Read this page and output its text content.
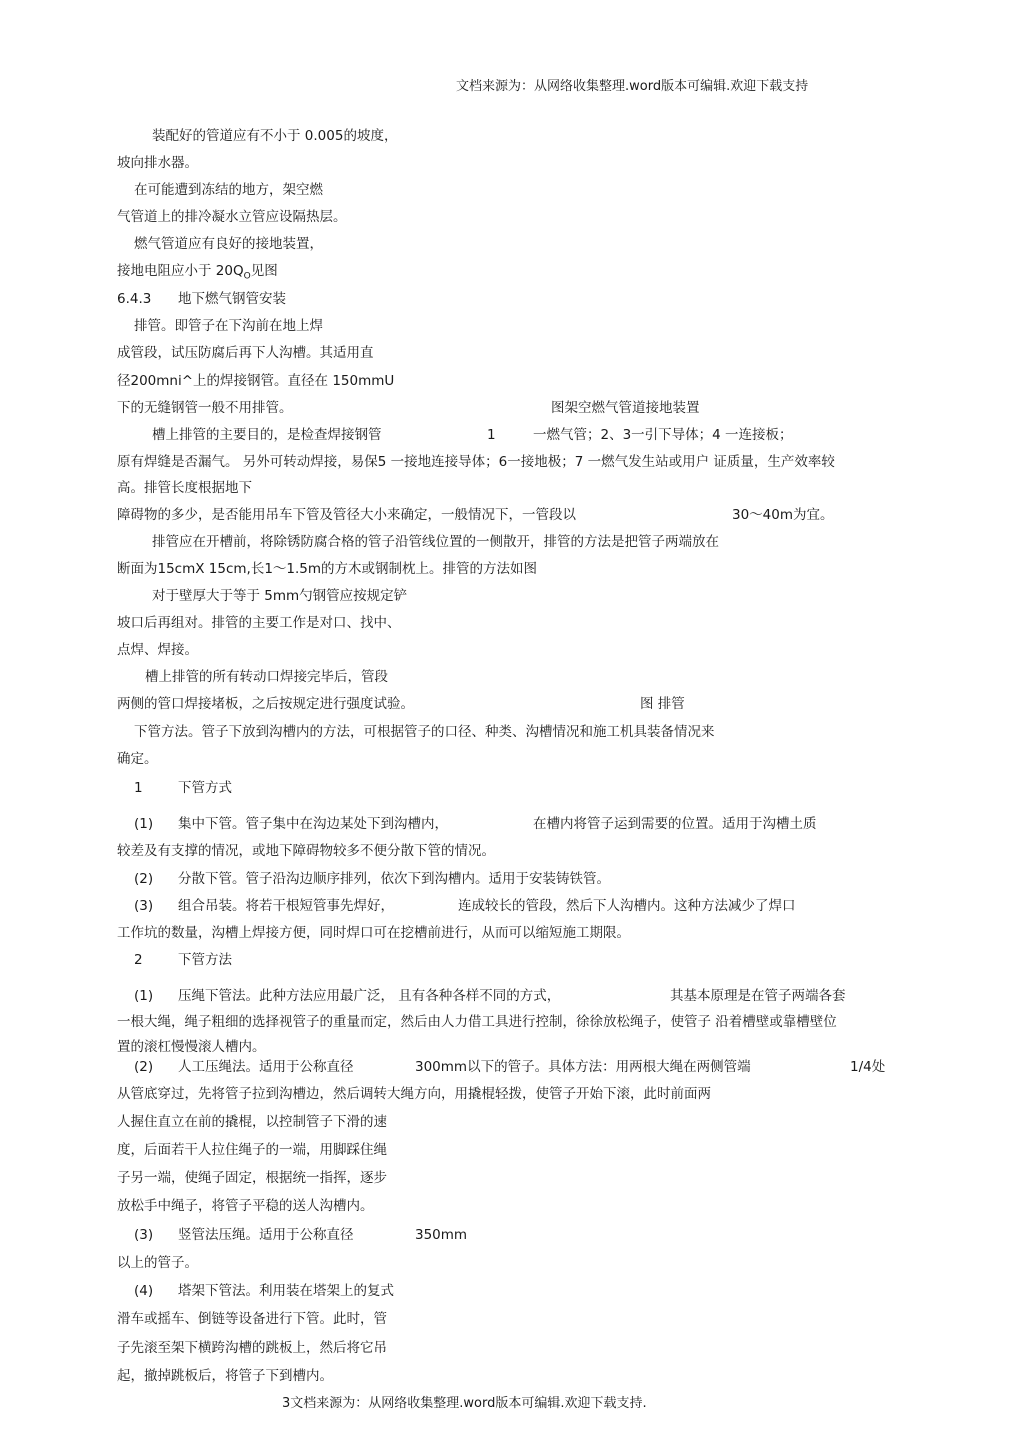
文档来源为：从网络收集整理.word版本可编辑.欢迎下载支持
装配好的管道应有不小于 0.005的坡度，
坡向排水器。
在可能遭到冻结的地方，架空燃
气管道上的排冷凝水立管应设隔热层。
燃气管道应有良好的接地装置，
接地电阻应小于 $20Q_O$见图
6.4.3 地下燃气钢管安装
排管。即管子在下沟前在地上焊
成管段，试压防腐后再下人沟槽。其适用直
径200mni^上的焊接钢管。直径在 150mmU
下的无缝钢管一般不用排管。	图架空燃气管道接地装置
槽上排管的主要目的，是检查焊接钢管	1	一燃气管；2、3一引下导体；4 一连接板；
原有焊缝是否漏气。 另外可转动焊接，易保5 一接地连接导体；6一接地极；7 一燃气发生站或用户 证质量，生产效率较
高。排管长度根据地下
障碍物的多少，是否能用吊车下管及管径大小来确定，一般情况下，一管段以	30～40m为宜。
排管应在开槽前，将除锈防腐合格的管子沿管线位置的一侧散开，排管的方法是把管子两端放在
断面为15cmX 15cm,长1～1.5m的方木或钢制枕上。排管的方法如图
对于壁厚大于等于 5mm勺钢管应按规定铲
坡口后再组对。排管的主要工作是对口、找中、
点焊、焊接。
槽上排管的所有转动口焊接完毕后，管段
两侧的管口焊接堵板，之后按规定进行强度试验。	图 排管
下管方法。管子下放到沟槽内的方法，可根据管子的口径、种类、沟槽情况和施工机具装备情况来
确定。
1	下管方式
(1) 集中下管。管子集中在沟边某处下到沟槽内，	在槽内将管子运到需要的位置。适用于沟槽土质
较差及有支撑的情况，或地下障碍物较多不便分散下管的情况。
(2) 分散下管。管子沿沟边顺序排列，依次下到沟槽内。适用于安装铸铁管。
(3) 组合吊装。将若干根短管事先焊好，	连成较长的管段，然后下人沟槽内。这种方法减少了焊口
工作坑的数量，沟槽上焊接方便，同时焊口可在挖槽前进行，从而可以缩短施工期限。
2	下管方法
(1) 压绳下管法。此种方法应用最广泛， 且有各种各样不同的方式，	其基本原理是在管子两端各套
一根大绳，绳子粗细的选择视管子的重量而定，然后由人力借工具进行控制，徐徐放松绳子，使管子 沿着槽壁或靠槽壁位
置的滚杠慢慢滚人槽内。
(2) 人工压绳法。适用于公称直径	300mm以下的管子。具体方法：用两根大绳在两侧管端	1/4处
从管底穿过，先将管子拉到沟槽边，然后调转大绳方向，用撬棍轻拨，使管子开始下滚，此时前面两
人握住直立在前的撬棍，以控制管子下滑的速
度，后面若干人拉住绳子的一端，用脚踩住绳
子另一端，使绳子固定，根据统一指挥，逐步
放松手中绳子，将管子平稳的送人沟槽内。
(3) 竖管法压绳。适用于公称直径	350mm
以上的管子。
(4) 塔架下管法。利用装在塔架上的复式
滑车或摇车、倒链等设备进行下管。此时，管
子先滚至架下横跨沟槽的跳板上，然后将它吊
起，撤掉跳板后，将管子下到槽内。
3文档来源为：从网络收集整理.word版本可编辑.欢迎下载支持.
